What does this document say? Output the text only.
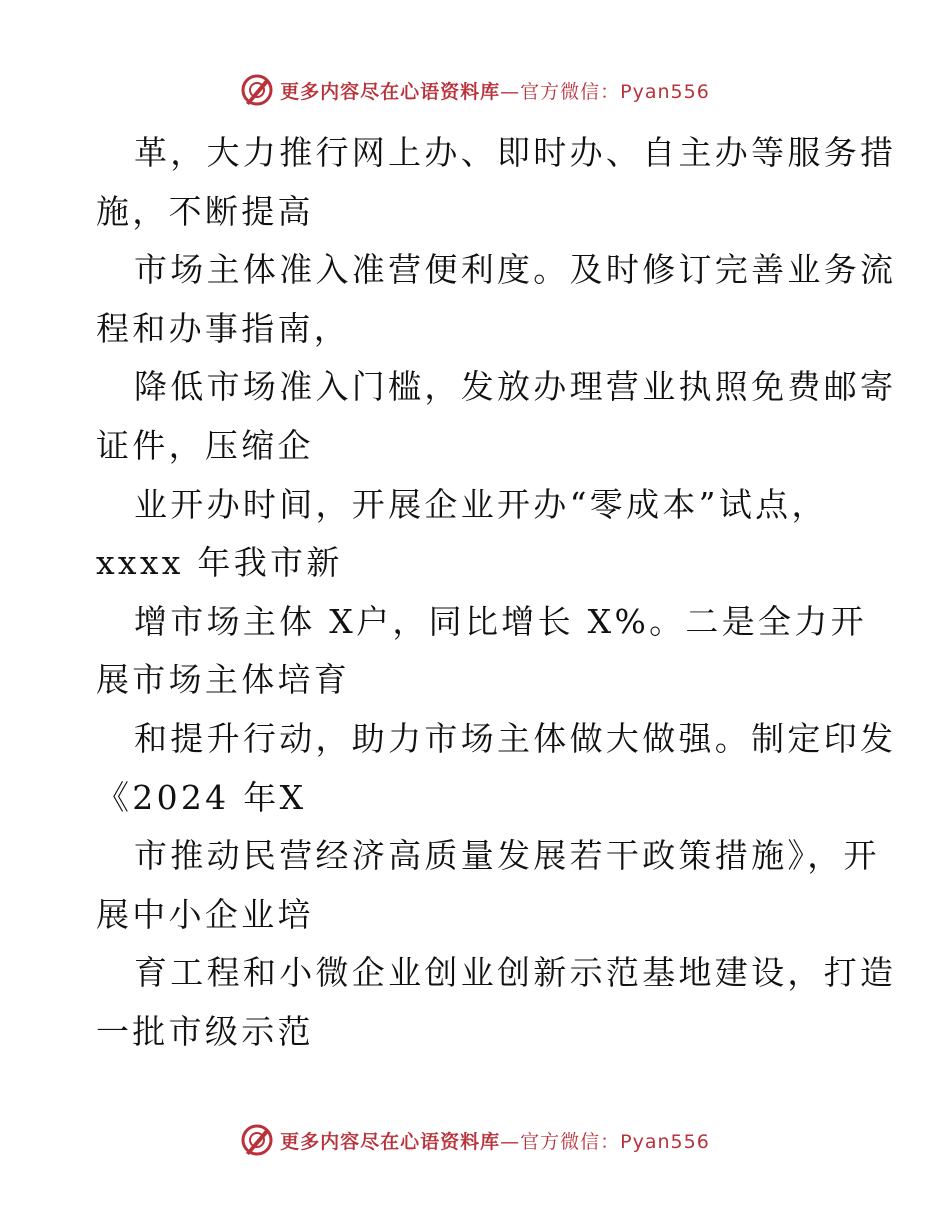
更多内容尽在心语资料库—官方微信：Pyan556
革，大力推行网上办、即时办、自主办等服务措
施，不断提高
市场主体准入准营便利度。及时修订完善业务流
程和办事指南，
降低市场准入门槛，发放办理营业执照免费邮寄
证件，压缩企
业开办时间，开展企业开办“零成本”试点，
xxxx 年我市新
增市场主体 X户，同比增长 X%。二是全力开
展市场主体培育
和提升行动，助力市场主体做大做强。制定印发
《2024 年X
市推动民营经济高质量发展若干政策措施》，开
展中小企业培
育工程和小微企业创业创新示范基地建设，打造
一批市级示范
更多内容尽在心语资料库—官方微信：Pyan556
